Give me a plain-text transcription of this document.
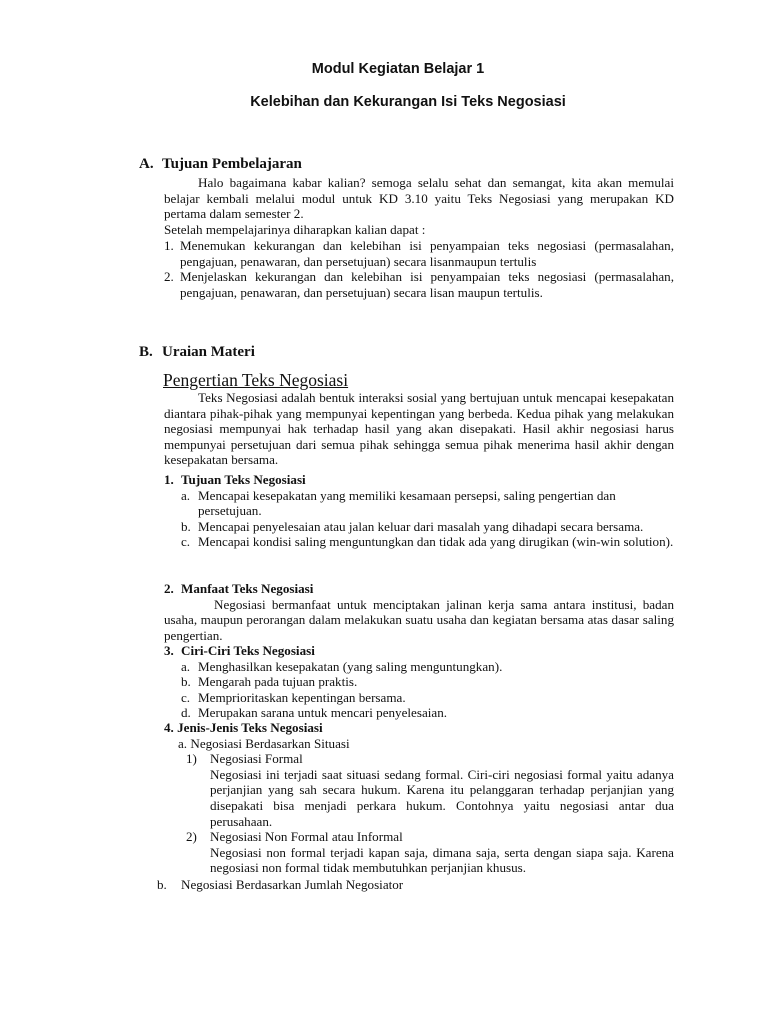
Modul Kegiatan Belajar 1
Kelebihan dan Kekurangan Isi Teks Negosiasi
A. Tujuan Pembelajaran
Halo bagaimana kabar kalian? semoga selalu sehat dan semangat, kita akan memulai belajar kembali melalui modul untuk KD 3.10 yaitu Teks Negosiasi yang merupakan KD pertama dalam semester 2.
Setelah mempelajarinya diharapkan kalian dapat :
1. Menemukan kekurangan dan kelebihan isi penyampaian teks negosiasi (permasalahan, pengajuan, penawaran, dan persetujuan) secara lisanmaupun tertulis
2. Menjelaskan kekurangan dan kelebihan isi penyampaian teks negosiasi (permasalahan, pengajuan, penawaran, dan persetujuan) secara lisan maupun tertulis.
B. Uraian Materi
Pengertian Teks Negosiasi
Teks Negosiasi adalah bentuk interaksi sosial yang bertujuan untuk mencapai kesepakatan diantara pihak-pihak yang mempunyai kepentingan yang berbeda. Kedua pihak yang melakukan negosiasi mempunyai hak terhadap hasil yang akan disepakati. Hasil akhir negosiasi harus mempunyai persetujuan dari semua pihak sehingga semua pihak menerima hasil akhir dengan kesepakatan bersama.
1. Tujuan Teks Negosiasi
a. Mencapai kesepakatan yang memiliki kesamaan persepsi, saling pengertian dan persetujuan.
b. Mencapai penyelesaian atau jalan keluar dari masalah yang dihadapi secara bersama.
c. Mencapai kondisi saling menguntungkan dan tidak ada yang dirugikan (win-win solution).
2. Manfaat Teks Negosiasi
Negosiasi bermanfaat untuk menciptakan jalinan kerja sama antara institusi, badan usaha, maupun perorangan dalam melakukan suatu usaha dan kegiatan bersama atas dasar saling pengertian.
3. Ciri-Ciri Teks Negosiasi
a. Menghasilkan kesepakatan (yang saling menguntungkan).
b. Mengarah pada tujuan praktis.
c. Memprioritaskan kepentingan bersama.
d. Merupakan sarana untuk mencari penyelesaian.
4. Jenis-Jenis Teks Negosiasi
a. Negosiasi Berdasarkan Situasi
1) Negosiasi Formal
Negosiasi ini terjadi saat situasi sedang formal. Ciri-ciri negosiasi formal yaitu adanya perjanjian yang sah secara hukum. Karena itu pelanggaran terhadap perjanjian yang disepakati bisa menjadi perkara hukum. Contohnya yaitu negosiasi antar dua perusahaan.
2) Negosiasi Non Formal atau Informal
Negosiasi non formal terjadi kapan saja, dimana saja, serta dengan siapa saja. Karena negosiasi non formal tidak membutuhkan perjanjian khusus.
b. Negosiasi Berdasarkan Jumlah Negosiator
